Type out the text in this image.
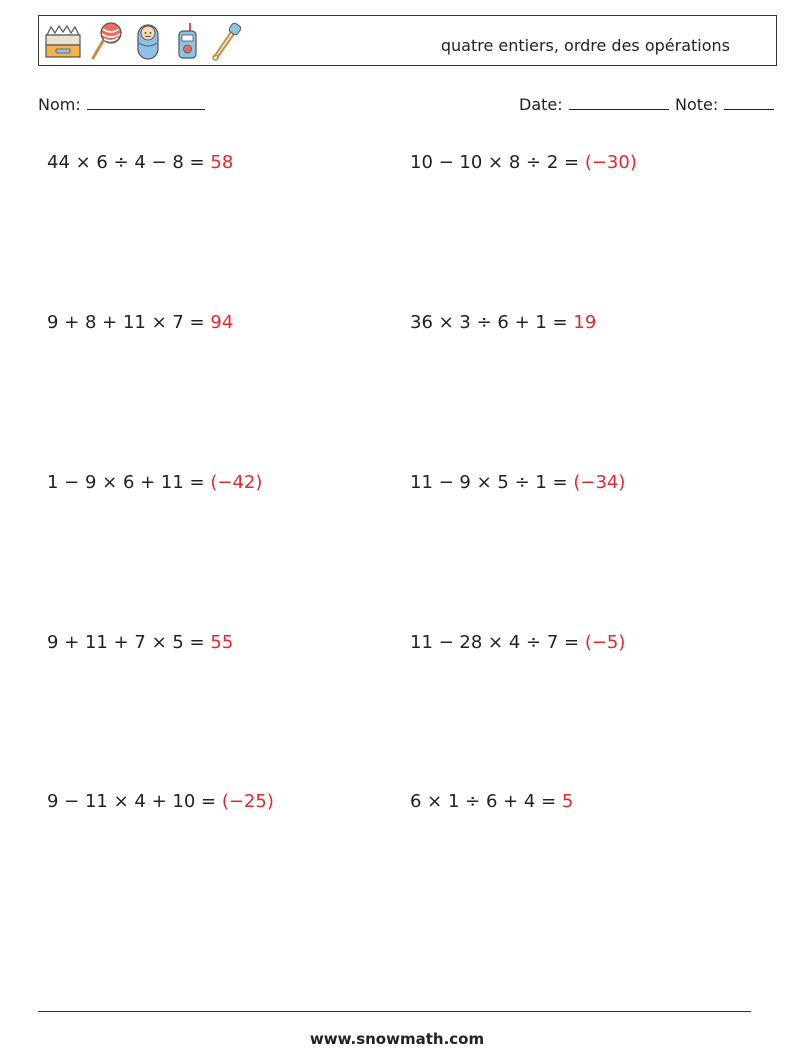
quatre entiers, ordre des opérations
Nom:	Date:	Note:
44 × 6 ÷ 4 − 8 = 58	10 − 10 × 8 ÷ 2 = (−30)
9 + 8 + 11 × 7 = 94	36 × 3 ÷ 6 + 1 = 19
1 − 9 × 6 + 11 = (−42)	11 − 9 × 5 ÷ 1 = (−34)
9 + 11 + 7 × 5 = 55	11 − 28 × 4 ÷ 7 = (−5)
9 − 11 × 4 + 10 = (−25)	6 × 1 ÷ 6 + 4 = 5
www.snowmath.com
